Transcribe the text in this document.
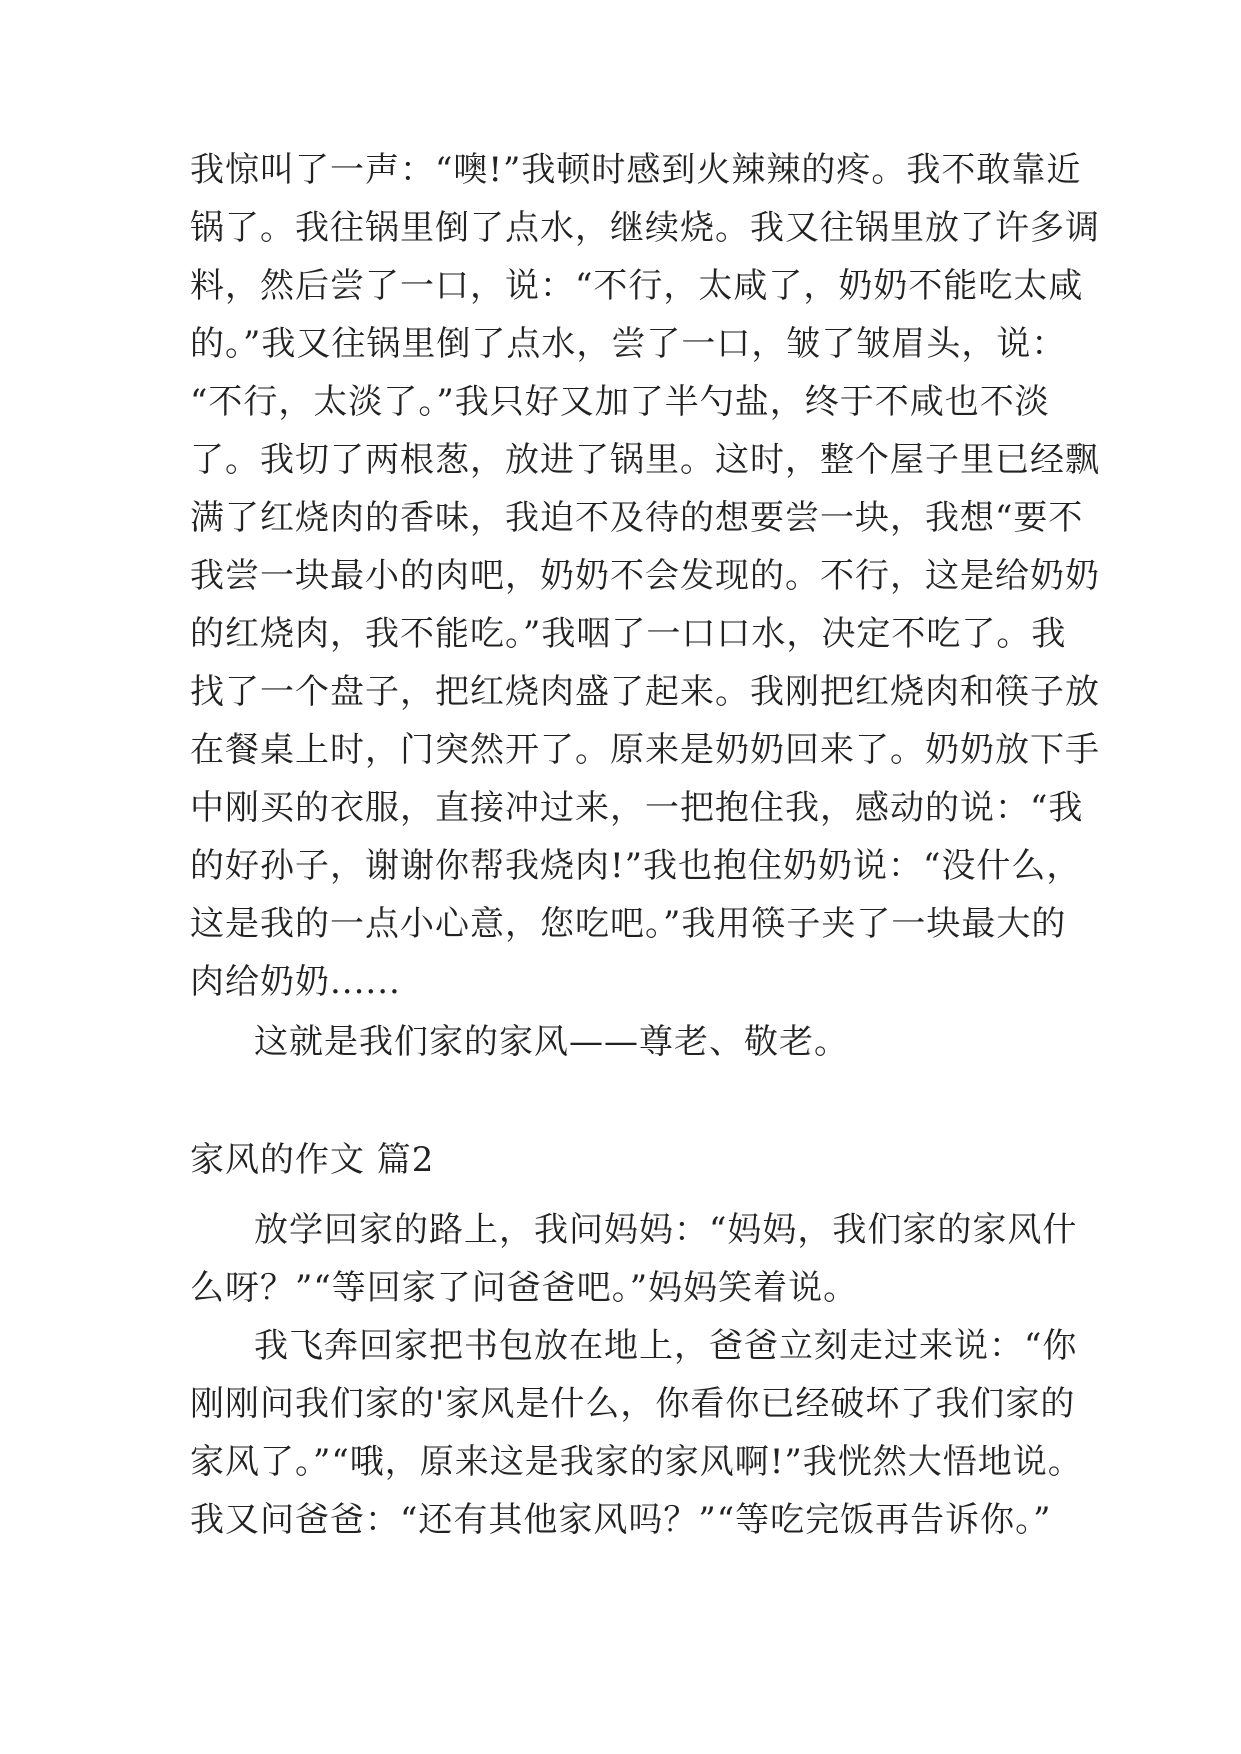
我惊叫了一声：“噢!”我顿时感到火辣辣的疼。我不敢靠近
锅了。我往锅里倒了点水，继续烧。我又往锅里放了许多调
料，然后尝了一口，说：“不行，太咸了，奶奶不能吃太咸
的。”我又往锅里倒了点水，尝了一口，皱了皱眉头，说：
“不行，太淡了。”我只好又加了半勺盐，终于不咸也不淡
了。我切了两根葱，放进了锅里。这时，整个屋子里已经飘
满了红烧肉的香味，我迫不及待的想要尝一块，我想“要不
我尝一块最小的肉吧，奶奶不会发现的。不行，这是给奶奶
的红烧肉，我不能吃。”我咽了一口口水，决定不吃了。我
找了一个盘子，把红烧肉盛了起来。我刚把红烧肉和筷子放
在餐桌上时，门突然开了。原来是奶奶回来了。奶奶放下手
中刚买的衣服，直接冲过来，一把抱住我，感动的说：“我
的好孙子，谢谢你帮我烧肉!”我也抱住奶奶说：“没什么，
这是我的一点小心意，您吃吧。”我用筷子夹了一块最大的
肉给奶奶......
这就是我们家的家风——尊老、敬老。
家风的作文 篇2
放学回家的路上，我问妈妈：“妈妈，我们家的家风什
么呀？”“等回家了问爸爸吧。”妈妈笑着说。
我飞奔回家把书包放在地上，爸爸立刻走过来说：“你
刚刚问我们家的'家风是什么，你看你已经破坏了我们家的
家风了。”“哦，原来这是我家的家风啊!”我恍然大悟地说。
我又问爸爸：“还有其他家风吗？”“等吃完饭再告诉你。”
